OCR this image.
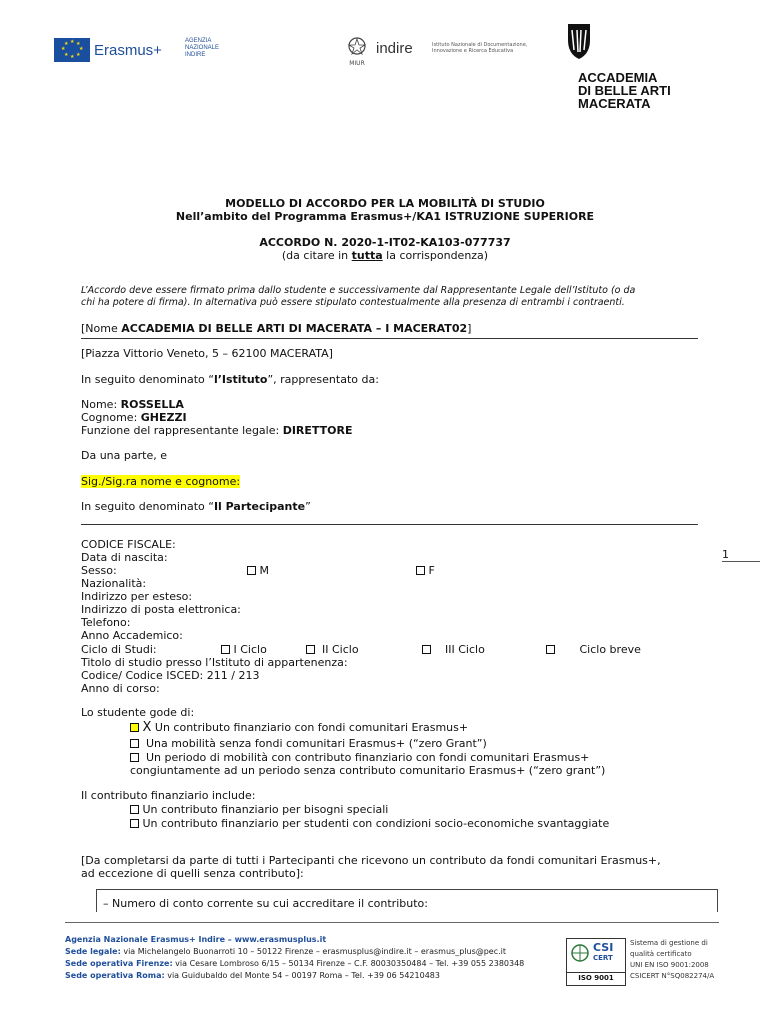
★ ★
★
★
★
★
★
★ Erasmus+
AGENZIA
NAZIONALE
INDIRE
MIUR
indire	Istituto Nazionale di Documentazione,
Innovazione e Ricerca Educativa
ACCADEMIA
DI BELLE ARTI
MACERATA
MODELLO DI ACCORDO PER LA MOBILITÀ DI STUDIO
Nell’ambito del Programma Erasmus+/KA1 ISTRUZIONE SUPERIORE
ACCORDO N. 2020-1-IT02-KA103-077737
(da citare in tutta la corrispondenza)
L’Accordo deve essere firmato prima dallo studente e successivamente dal Rappresentante Legale dell’Istituto (o da
chi ha potere di firma). In alternativa può essere stipulato contestualmente alla presenza di entrambi i contraenti.
[Nome ACCADEMIA DI BELLE ARTI DI MACERATA – I MACERAT02]
[Piazza Vittorio Veneto, 5 – 62100 MACERATA]
In seguito denominato “l’Istituto”, rappresentato da:
Nome: ROSSELLA
Cognome: GHEZZI
Funzione del rappresentante legale: DIRETTORE
Da una parte, e
Sig./Sig.ra nome e cognome:
In seguito denominato “Il Partecipante”
CODICE FISCALE:
Data di nascita:
Sesso:	M	F
Nazionalità:
Indirizzo per esteso:
Indirizzo di posta elettronica:
Telefono:
Anno Accademico:
Ciclo di Studi:	I Ciclo	II Ciclo	III Ciclo	Ciclo breve
Titolo di studio presso l’Istituto di appartenenza:
Codice/ Codice ISCED: 211 / 213
Anno di corso:
1
Lo studente gode di:
X Un contributo finanziario con fondi comunitari Erasmus+
Una mobilità senza fondi comunitari Erasmus+ (“zero Grant”)
Un periodo di mobilità con contributo finanziario con fondi comunitari Erasmus+
congiuntamente ad un periodo senza contributo comunitario Erasmus+ (“zero grant”)
Il contributo finanziario include:
Un contributo finanziario per bisogni speciali
Un contributo finanziario per studenti con condizioni socio-economiche svantaggiate
[Da completarsi da parte di tutti i Partecipanti che ricevono un contributo da fondi comunitari Erasmus+,
ad eccezione di quelli senza contributo]:
– Numero di conto corrente su cui accreditare il contributo:
Agenzia Nazionale Erasmus+ Indire – www.erasmusplus.it
Sede legale: via Michelangelo Buonarroti 10 – 50122 Firenze – erasmusplus@indire.it – erasmus_plus@pec.it
Sede operativa Firenze: via Cesare Lombroso 6/15 – 50134 Firenze – C.F. 80030350484 – Tel. +39 055 2380348
Sede operativa Roma: via Guidubaldo del Monte 54 – 00197 Roma – Tel. +39 06 54210483
CSI
CERT
ISO 9001
Sistema di gestione di
qualità certificato
UNI EN ISO 9001:2008
CSICERT N°SQ082274/A
